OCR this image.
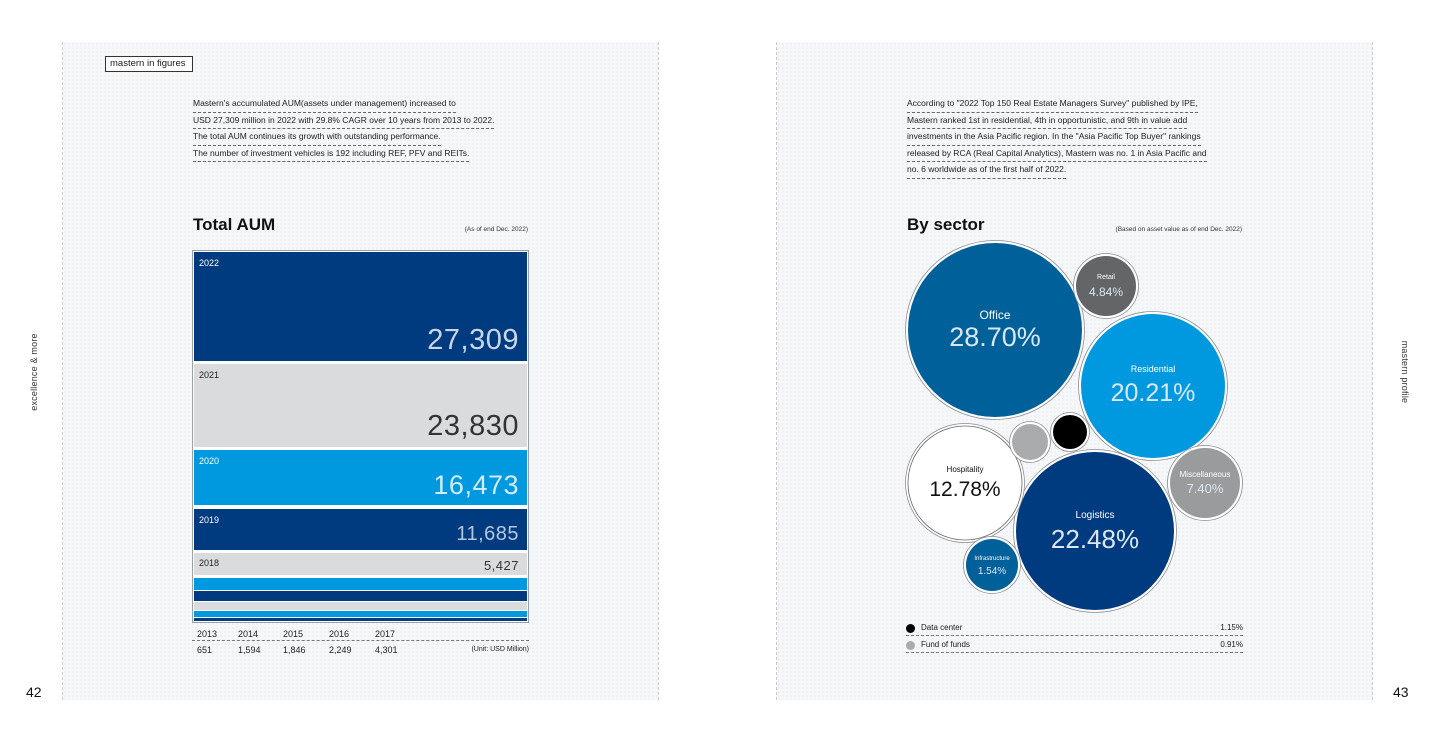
42
excellence & more
mastern in figures
Mastern's accumulated AUM(assets under management) increased to
USD 27,309 million in 2022 with 29.8% CAGR over 10 years from 2013 to 2022.
The total AUM continues its growth with outstanding performance.
The number of investment vehicles is 192 including REF, PFV and REITs.
Total AUM	(As of end Dec. 2022)
2022
27,309
2021
23,830
2020
16,473
2019
11,685
2018	5,427
2013 2014	2015	2016	2017
651	1,594 1,846	2,249	4,301	(Unit: USD Million)
43
mastern profile
According to "2022 Top 150 Real Estate Managers Survey" published by IPE,
Mastern ranked 1st in residential, 4th in opportunistic, and 9th in value add
investments in the Asia Pacific region. In the "Asia Pacific Top Buyer" rankings
released by RCA (Real Capital Analytics), Mastern was no. 1 in Asia Pacific and
no. 6 worldwide as of the first half of 2022.
By sector	(Based on asset value as of end Dec. 2022)
Office
28.70%
Logistics
22.48%
Residential
20.21%
Hospitality
12.78%
Miscellaneous
7.40%
Retail
4.84%
Infrastructure
1.54%
Data center	1.15%
Fund of funds	0.91%
